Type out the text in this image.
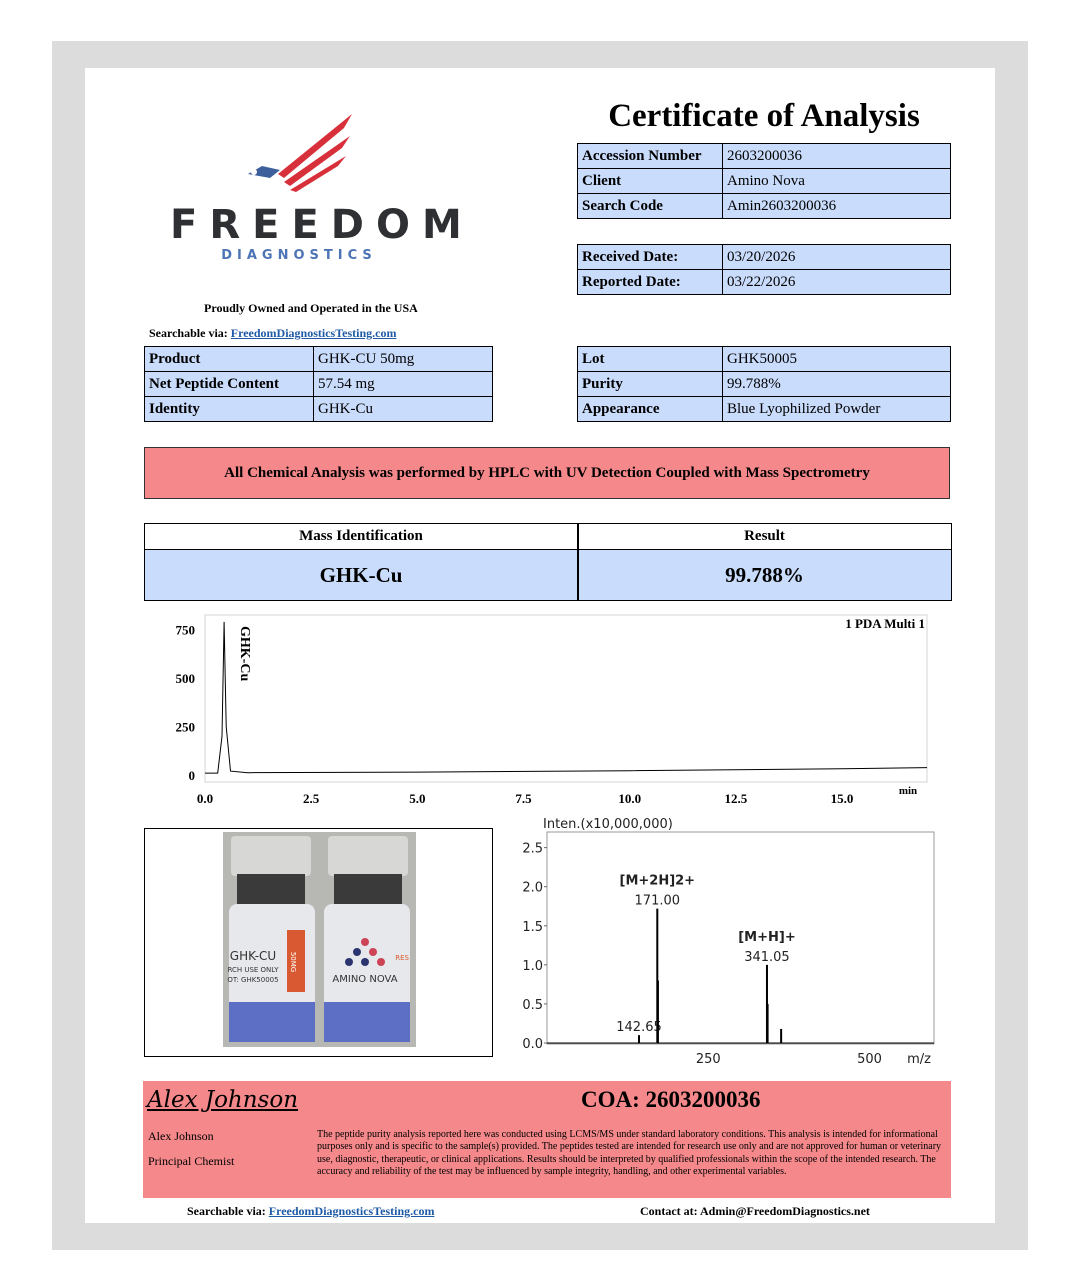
FREEDOM
DIAGNOSTICS
Proudly Owned and Operated in the USA
Searchable via: FreedomDiagnosticsTesting.com
Certificate of Analysis
Accession Number	2603200036
Client	Amino Nova
Search Code	Amin2603200036
Received Date:	03/20/2026
Reported Date:	03/22/2026
Product	GHK-CU 50mg
Net Peptide Content	57.54 mg
Identity	GHK-Cu
Lot	GHK50005
Purity	99.788%
Appearance	Blue Lyophilized Powder
All Chemical Analysis was performed by HPLC with UV Detection Coupled with Mass Spectrometry
Mass Identification	Result
GHK-Cu	99.788%
0
250
500
750
0.0	2.5	5.0	7.5	10.0	12.5	15.0
1 PDA Multi 1
GHK-Cu
min
50MG
GHK-CU
RCH USE ONLY
OT: GHK50005	AMINO NOVA
RES
Inten.(x10,000,000)
0.0
0.5
1.0
1.5
2.0
2.5
250	500
142.65
171.00
[M+2H]2+
341.05
[M+H]+
m/z
Alex Johnson
Alex Johnson
Principal Chemist
COA: 2603200036
The peptide purity analysis reported here was conducted using LCMS/MS under standard laboratory conditions. This analysis is intended for informational purposes only and is specific to the sample(s) provided. The peptides tested are intended for research use only and are not approved for human or veterinary use, diagnostic, therapeutic, or clinical applications. Results should be interpreted by qualified professionals within the scope of the intended research. The accuracy and reliability of the test may be influenced by sample integrity, handling, and other experimental variables.
Searchable via: FreedomDiagnosticsTesting.com	Contact at: Admin@FreedomDiagnostics.net
